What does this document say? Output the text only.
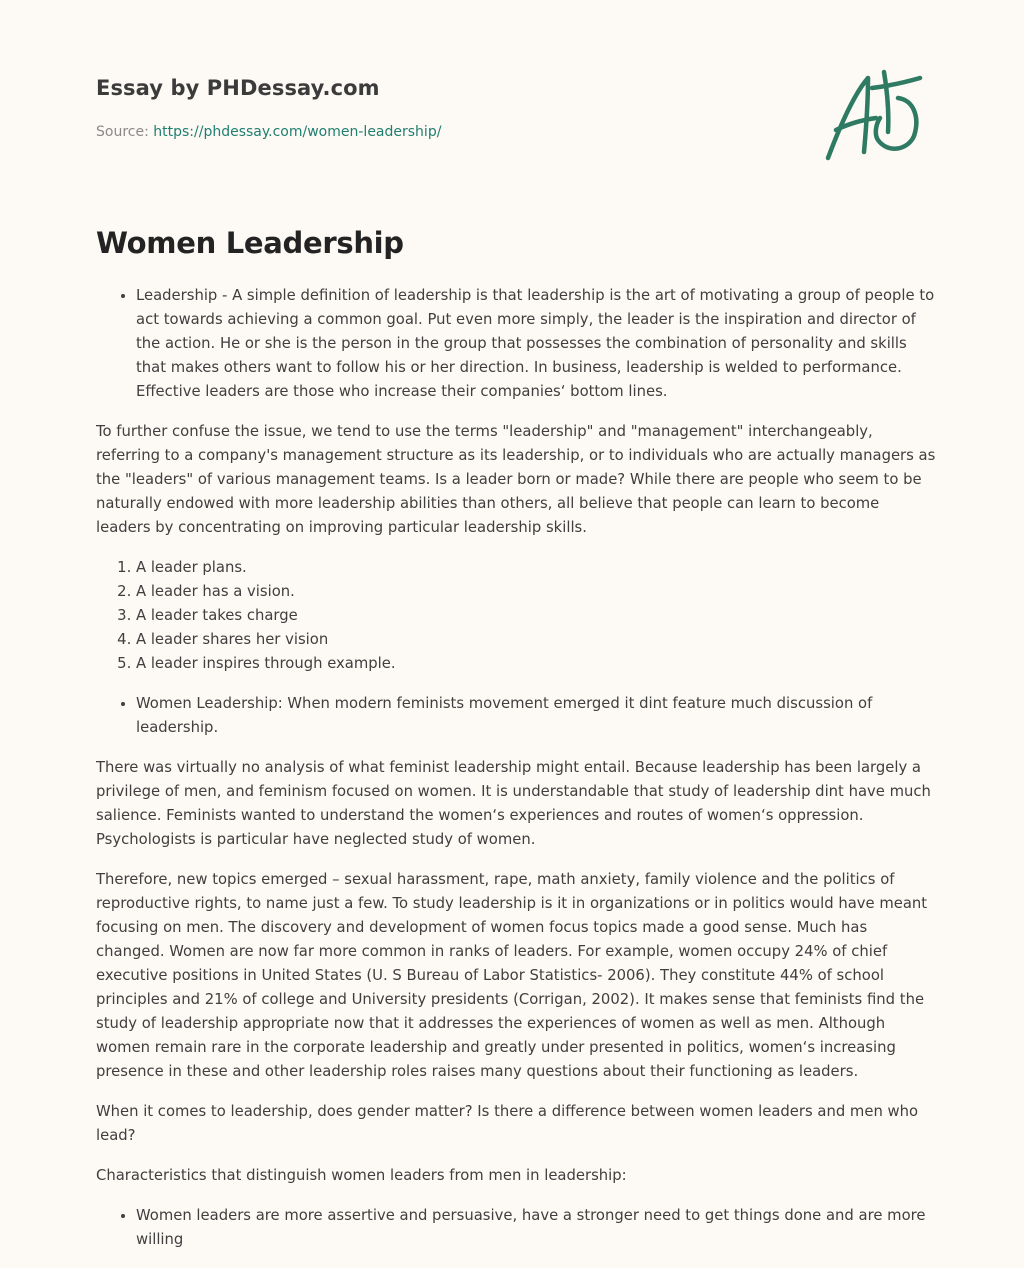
Essay by PHDessay.com
Source: https://phdessay.com/women-leadership/
Women Leadership
• Leadership - A simple definition of leadership is that leadership is the art of motivating a group of people to act towards achieving a common goal. Put even more simply, the leader is the inspiration and director of the action. He or she is the person in the group that possesses the combination of personality and skills that makes others want to follow his or her direction. In business, leadership is welded to performance. Effective leaders are those who increase their companies‘ bottom lines.

To further confuse the issue, we tend to use the terms "leadership" and "management" interchangeably, referring to a company's management structure as its leadership, or to individuals who are actually managers as the "leaders" of various management teams. Is a leader born or made? While there are people who seem to be naturally endowed with more leadership abilities than others, all believe that people can learn to become leaders by concentrating on improving particular leadership skills.

1. A leader plans.
2. A leader has a vision.
3. A leader takes charge
4. A leader shares her vision
5. A leader inspires through example.
• Women Leadership: When modern feminists movement emerged it dint feature much discussion of leadership.

There was virtually no analysis of what feminist leadership might entail. Because leadership has been largely a privilege of men, and feminism focused on women. It is understandable that study of leadership dint have much salience. Feminists wanted to understand the women‘s experiences and routes of women‘s oppression. Psychologists is particular have neglected study of women.

Therefore, new topics emerged – sexual harassment, rape, math anxiety, family violence and the politics of reproductive rights, to name just a few. To study leadership is it in organizations or in politics would have meant focusing on men. The discovery and development of women focus topics made a good sense. Much has changed. Women are now far more common in ranks of leaders. For example, women occupy 24% of chief executive positions in United States (U. S Bureau of Labor Statistics- 2006). They constitute 44% of school principles and 21% of college and University presidents (Corrigan, 2002). It makes sense that feminists find the study of leadership appropriate now that it addresses the experiences of women as well as men. Although women remain rare in the corporate leadership and greatly under presented in politics, women‘s increasing presence in these and other leadership roles raises many questions about their functioning as leaders.

When it comes to leadership, does gender matter? Is there a difference between women leaders and men who lead?

Characteristics that distinguish women leaders from men in leadership:

• Women leaders are more assertive and persuasive, have a stronger need to get things done and are more willing
